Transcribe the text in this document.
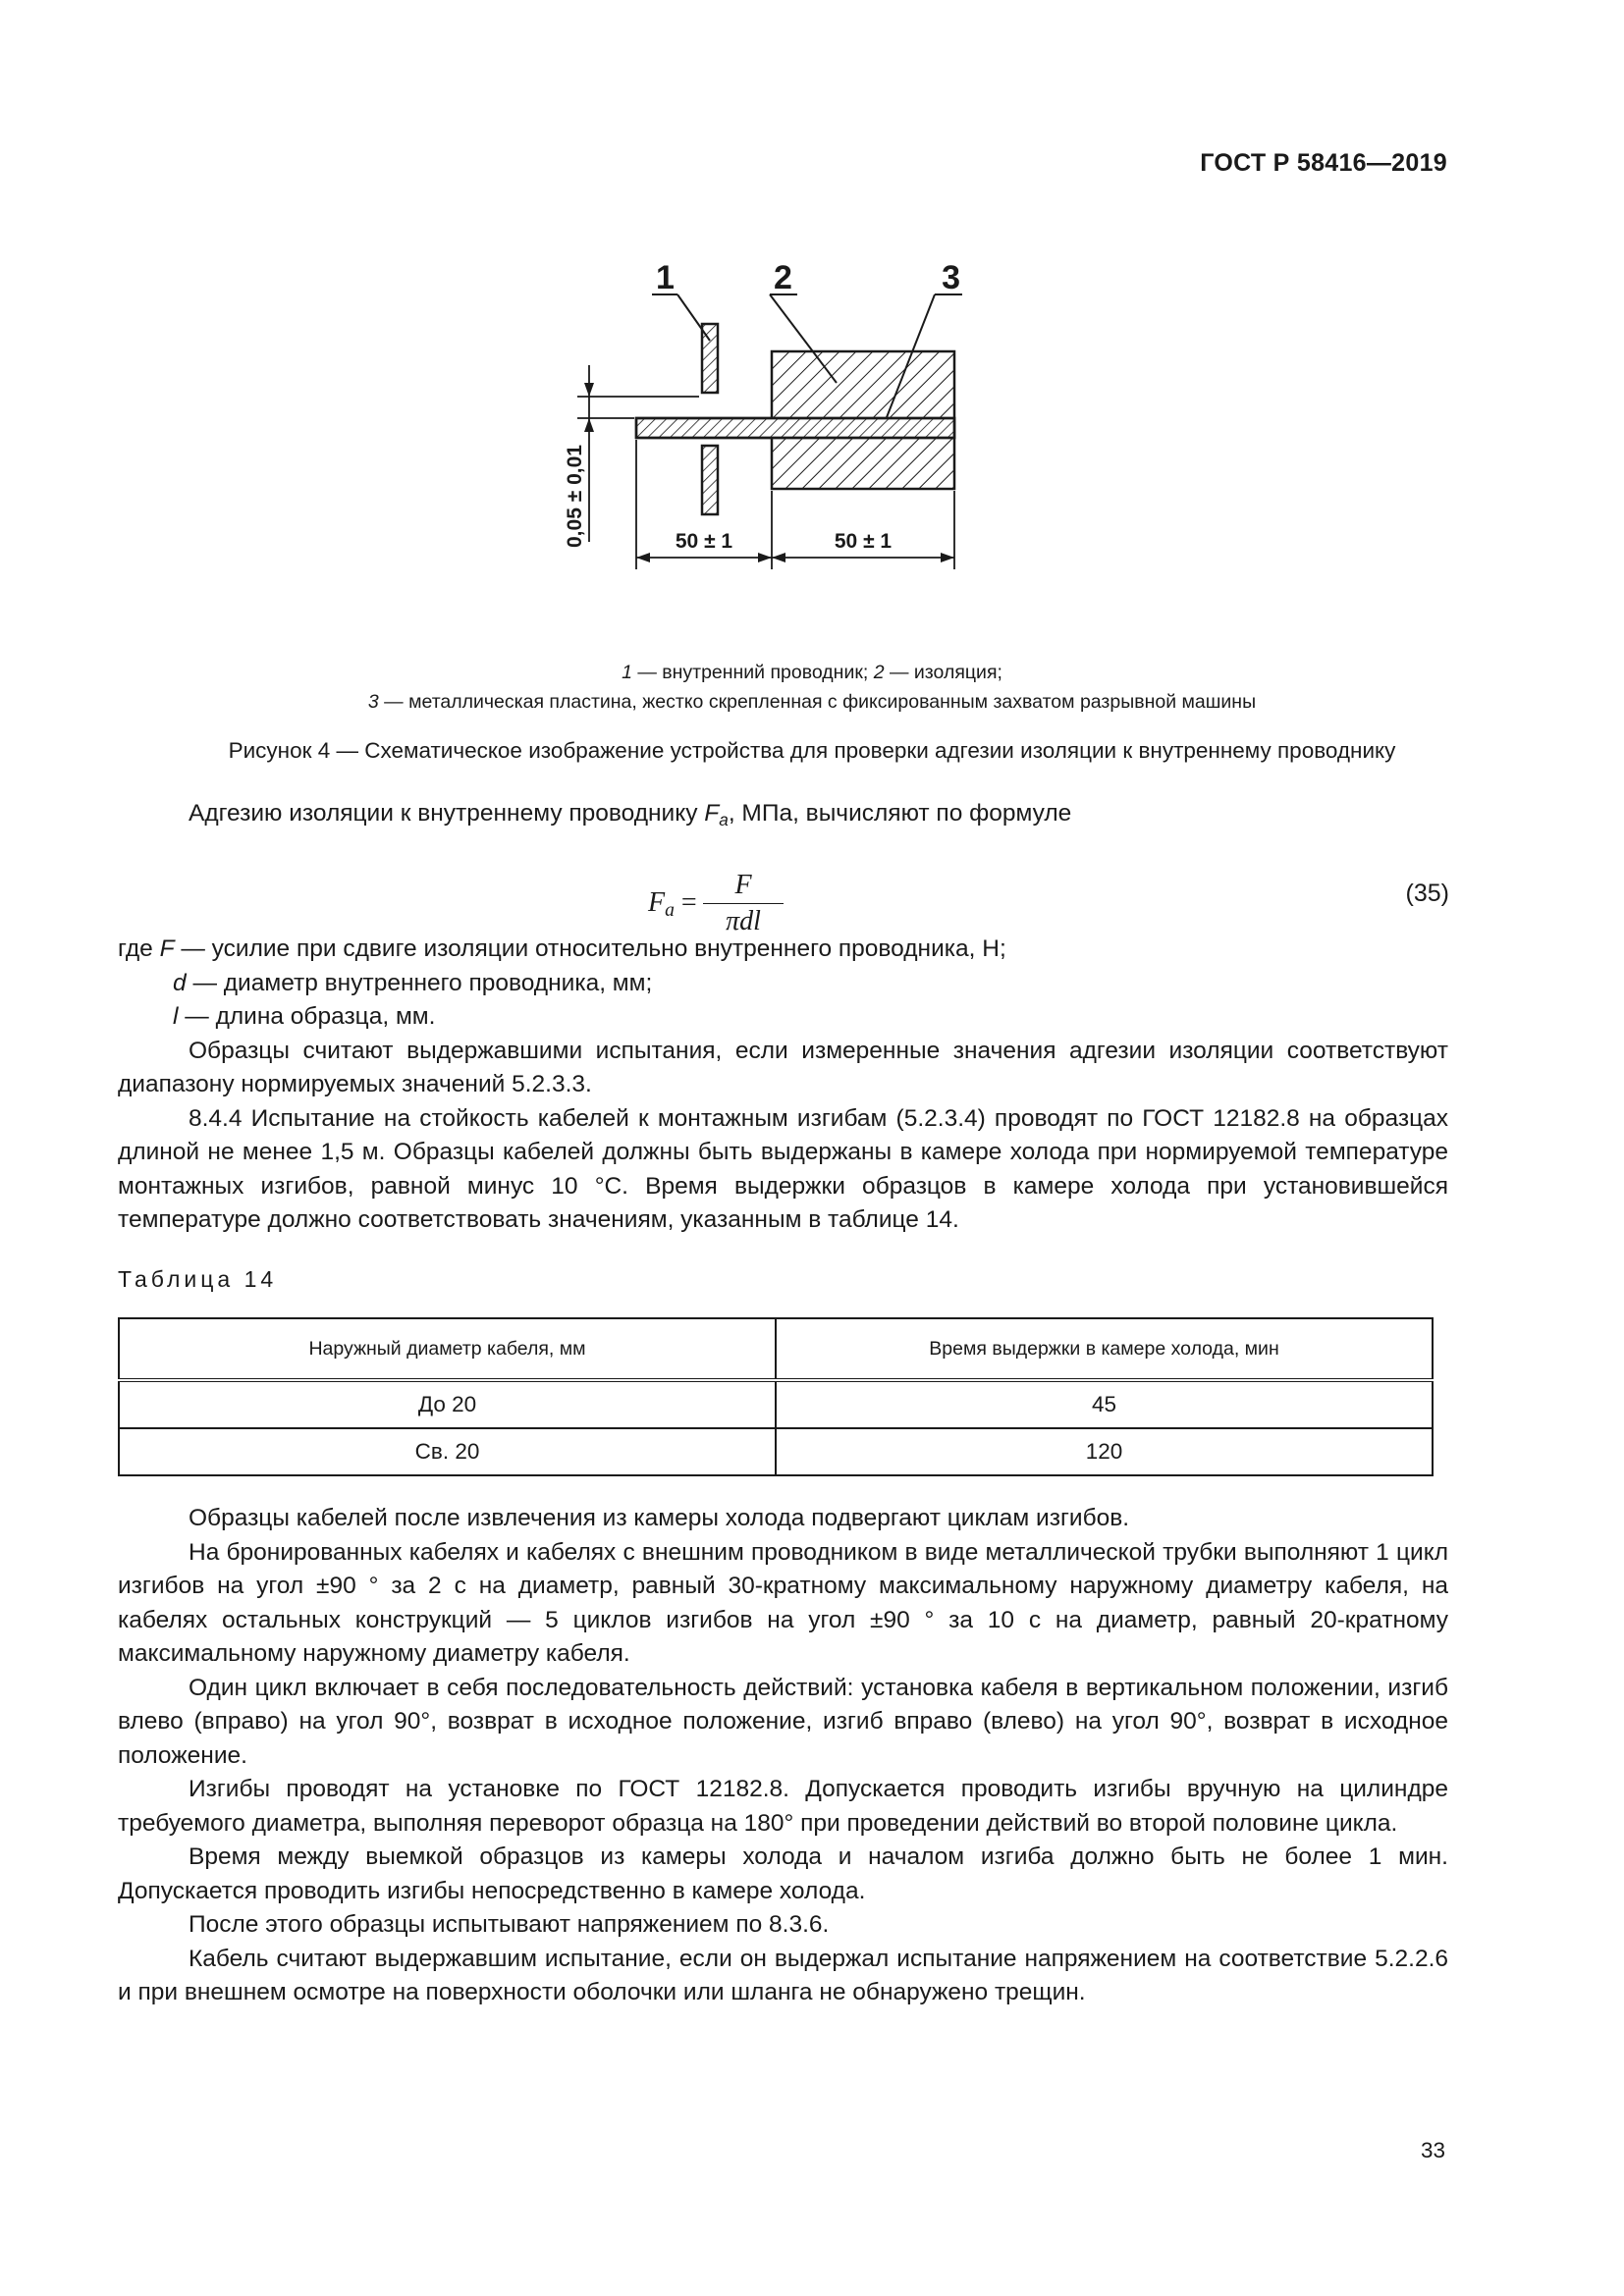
ГОСТ Р 58416—2019
1	2	3
0,05 ± 0,01	50 ± 1	50 ± 1
1 — внутренний проводник; 2 — изоляция;
3 — металлическая пластина, жестко скрепленная с фиксированным захватом разрывной машины
Рисунок 4 — Схематическое изображение устройства для проверки адгезии изоляции к внутреннему проводнику

Адгезию изоляции к внутреннему проводнику $F_a$, МПа, вычисляют по формуле

$F_a$ =
F
πdl
(35)

где F — усилие при сдвиге изоляции относительно внутреннего проводника, Н;

d — диаметр внутреннего проводника, мм;

l — длина образца, мм.

Образцы считают выдержавшими испытания, если измеренные значения адгезии изоляции соответствуют диапазону нормируемых значений 5.2.3.3.

8.4.4 Испытание на стойкость кабелей к монтажным изгибам (5.2.3.4) проводят по ГОСТ 12182.8 на образцах длиной не менее 1,5 м. Образцы кабелей должны быть выдержаны в камере холода при нормируемой температуре монтажных изгибов, равной минус 10 °С. Время выдержки образцов в камере холода при установившейся температуре должно соответствовать значениям, указанным в таблице 14.

Таблица 14
Наружный диаметр кабеля, мм	Время выдержки в камере холода, мин
До 20	45
Св. 20	120

Образцы кабелей после извлечения из камеры холода подвергают циклам изгибов.

На бронированных кабелях и кабелях с внешним проводником в виде металлической трубки выполняют 1 цикл изгибов на угол ±90 ° за 2 с на диаметр, равный 30-кратному максимальному наружному диаметру кабеля, на кабелях остальных конструкций — 5 циклов изгибов на угол ±90 ° за 10 с на диаметр, равный 20-кратному максимальному наружному диаметру кабеля.

Один цикл включает в себя последовательность действий: установка кабеля в вертикальном положении, изгиб влево (вправо) на угол 90°, возврат в исходное положение, изгиб вправо (влево) на угол 90°, возврат в исходное положение.

Изгибы проводят на установке по ГОСТ 12182.8. Допускается проводить изгибы вручную на цилиндре требуемого диаметра, выполняя переворот образца на 180° при проведении действий во второй половине цикла.

Время между выемкой образцов из камеры холода и началом изгиба должно быть не более 1 мин. Допускается проводить изгибы непосредственно в камере холода.

После этого образцы испытывают напряжением по 8.3.6.

Кабель считают выдержавшим испытание, если он выдержал испытание напряжением на соответствие 5.2.2.6 и при внешнем осмотре на поверхности оболочки или шланга не обнаружено трещин.

33
